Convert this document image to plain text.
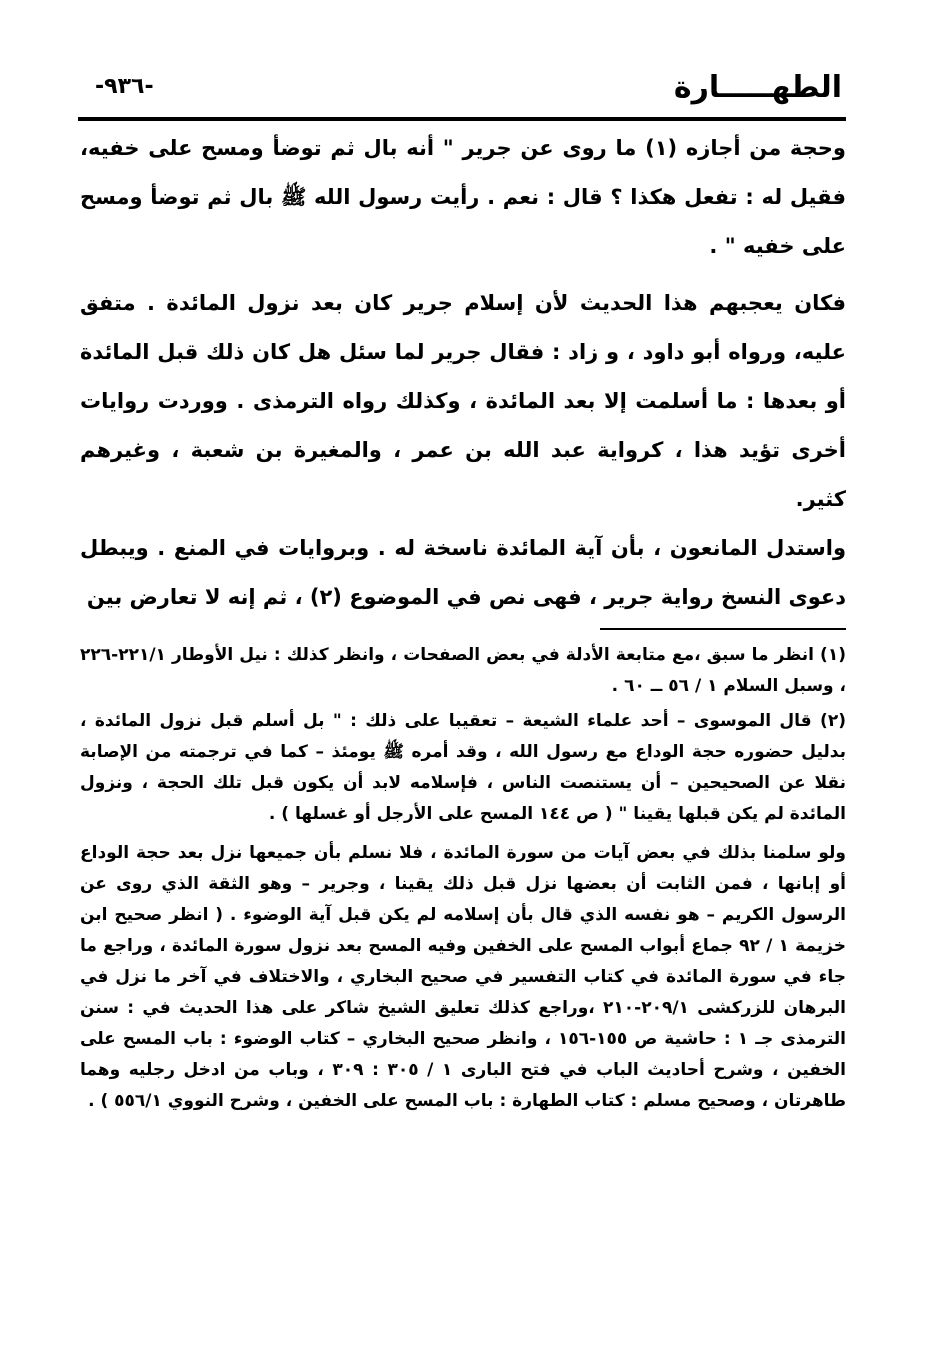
الطهـــــارة
-٩٣٦-

وحجة من أجازه (١) ما روى عن جرير " أنه بال ثم توضأ ومسح على خفيه، فقيل له : تفعل هكذا ؟ قال : نعم . رأيت رسول الله ﷺ بال ثم توضأ ومسح على خفيه " .

فكان يعجبهم هذا الحديث لأن إسلام جرير كان بعد نزول المائدة . متفق عليه، ورواه أبو داود ، و زاد : فقال جرير لما سئل هل كان ذلك قبل المائدة أو بعدها : ما أسلمت إلا بعد المائدة ، وكذلك رواه الترمذى . ووردت روايات أخرى تؤيد هذا ، كرواية عبد الله بن عمر ، والمغيرة بن شعبة ، وغيرهم كثير.

واستدل المانعون ، بأن آية المائدة ناسخة له . وبروايات في المنع . ويبطل دعوى النسخ رواية جرير ، فهى نص في الموضوع (٢) ، ثم إنه لا تعارض بين

(١) انظر ما سبق ،مع متابعة الأدلة في بعض الصفحات ، وانظر كذلك : نيل الأوطار ٢٢١/١-٢٢٦ ، وسبل السلام ١ / ٥٦ ــ ٦٠ .

(٢) قال الموسوى – أحد علماء الشيعة – تعقيبا على ذلك : " بل أسلم قبل نزول المائدة ، بدليل حضوره حجة الوداع مع رسول الله ، وقد أمره ﷺ يومئذ – كما في ترجمته من الإصابة نقلا عن الصحيحين – أن يستنصت الناس ، فإسلامه لابد أن يكون قبل تلك الحجة ، ونزول المائدة لم يكن قبلها يقينا " ( ص ١٤٤ المسح على الأرجل أو غسلها ) .

ولو سلمنا بذلك في بعض آيات من سورة المائدة ، فلا نسلم بأن جميعها نزل بعد حجة الوداع أو إبانها ، فمن الثابت أن بعضها نزل قبل ذلك يقينا ، وجرير – وهو الثقة الذي روى عن الرسول الكريم – هو نفسه الذي قال بأن إسلامه لم يكن قبل آية الوضوء . ( انظر صحيح ابن خزيمة ١ / ٩٢ جماع أبواب المسح على الخفين وفيه المسح بعد نزول سورة المائدة ، وراجع ما جاء في سورة المائدة في كتاب التفسير في صحيح البخاري ، والاختلاف في آخر ما نزل في البرهان للزركشى ٢٠٩/١-٢١٠ ،وراجع كذلك تعليق الشيخ شاكر على هذا الحديث في : سنن الترمذى جـ ١ : حاشية ص ١٥٥-١٥٦ ، وانظر صحيح البخاري – كتاب الوضوء : باب المسح على الخفين ، وشرح أحاديث الباب في فتح البارى ١ / ٣٠٥ : ٣٠٩ ، وباب من ادخل رجليه وهما طاهرتان ، وصحيح مسلم : كتاب الطهارة : باب المسح على الخفين ، وشرح النووي ٥٥٦/١ ) .
